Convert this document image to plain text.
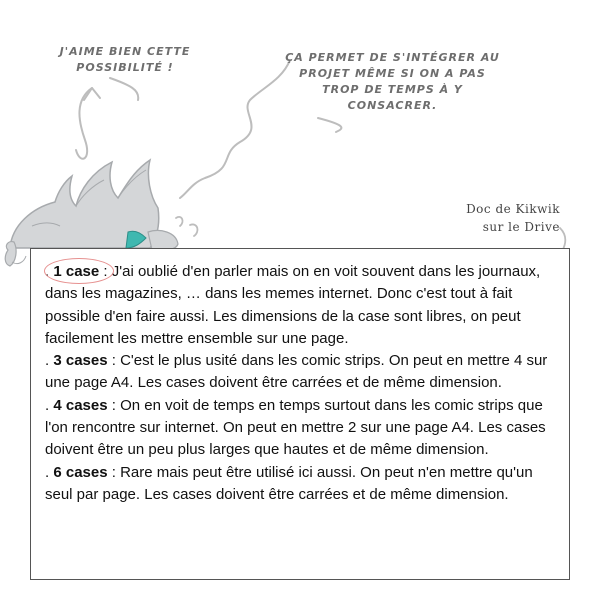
J'AIME BIEN CETTE
POSSIBILITÉ !
ÇA PERMET DE S'INTÉGRER AU
PROJET MÊME SI ON A PAS
TROP DE TEMPS À Y
CONSACRER.
Doc de Kikwik
sur le Drive

. 1 case : J'ai oublié d'en parler mais on en voit souvent dans les journaux, dans les magazines, … dans les memes internet. Donc c'est tout à fait possible d'en faire aussi. Les dimensions de la case sont libres, on peut facilement les mettre ensemble sur une page.

. 3 cases : C'est le plus usité dans les comic strips. On peut en mettre 4 sur une page A4. Les cases doivent être carrées et de même dimension.

. 4 cases : On en voit de temps en temps surtout dans les comic strips que l'on rencontre sur internet. On peut en mettre 2 sur une page A4. Les cases doivent être un peu plus larges que hautes et de même dimension.

. 6 cases : Rare mais peut être utilisé ici aussi. On peut n'en mettre qu'un seul par page. Les cases doivent être carrées et de même dimension.
